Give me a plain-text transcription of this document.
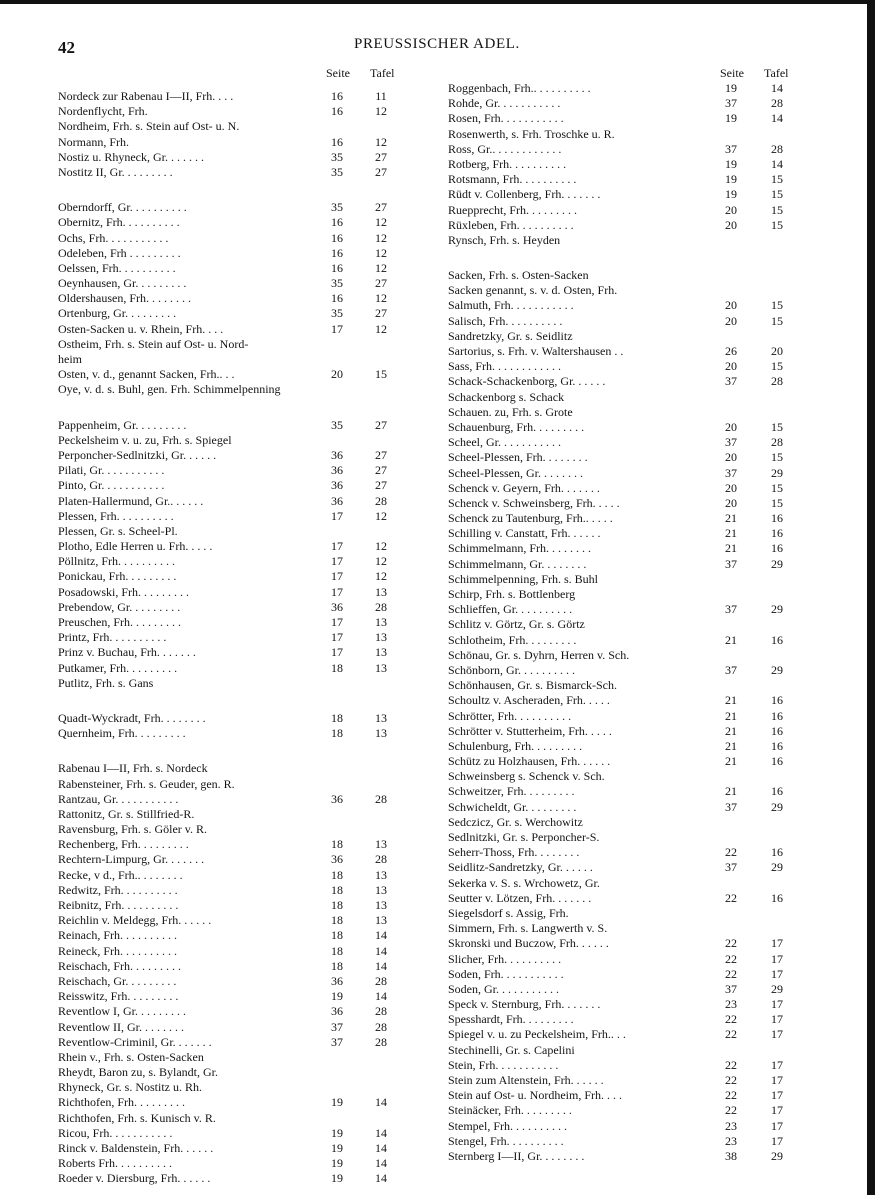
42	PREUSSISCHER ADEL.
Seite Tafel
Nordeck zur Rabenau I—II, Frh. . . .	16	11
Nordenflycht, Frh.	16	12
Nordheim, Frh. s. Stein auf Ost- u. N.
Normann, Frh.	16	12
Nostiz u. Rhyneck, Gr. . . . . . .	35	27
Nostitz II, Gr. . . . . . . . .	35	27
Oberndorff, Gr. . . . . . . . . .	35	27
Obernitz, Frh. . . . . . . . . .	16	12
Ochs, Frh. . . . . . . . . . .	16	12
Odeleben, Frh . . . . . . . . .	16	12
Oelssen, Frh. . . . . . . . . .	16	12
Oeynhausen, Gr. . . . . . . . .	35	27
Oldershausen, Frh. . . . . . . .	16	12
Ortenburg, Gr. . . . . . . . .	35	27
Osten-Sacken u. v. Rhein, Frh. . . .	17	12
Ostheim, Frh. s. Stein auf Ost- u. Nord-
heim
Osten, v. d., genannt Sacken, Frh.. . .	20	15
Oye, v. d. s. Buhl, gen. Frh. Schimmelpenning
Pappenheim, Gr. . . . . . . . .	35	27
Peckelsheim v. u. zu, Frh. s. Spiegel
Perponcher-Sedlnitzki, Gr. . . . . .	36	27
Pilati, Gr. . . . . . . . . . .	36	27
Pinto, Gr. . . . . . . . . . .	36	27
Platen-Hallermund, Gr.. . . . . .	36	28
Plessen, Frh. . . . . . . . . .	17	12
Plessen, Gr. s. Scheel-Pl.
Plotho, Edle Herren u. Frh. . . . .	17	12
Pöllnitz, Frh. . . . . . . . . .	17	12
Ponickau, Frh. . . . . . . . .	17	12
Posadowski, Frh. . . . . . . . .	17	13
Prebendow, Gr. . . . . . . . .	36	28
Preuschen, Frh. . . . . . . . .	17	13
Printz, Frh. . . . . . . . . .	17	13
Prinz v. Buchau, Frh. . . . . . .	17	13
Putkamer, Frh. . . . . . . . .	18	13
Putlitz, Frh. s. Gans
Quadt-Wyckradt, Frh. . . . . . . .	18	13
Quernheim, Frh. . . . . . . . .	18	13
Rabenau I—II, Frh. s. Nordeck
Rabensteiner, Frh. s. Geuder, gen. R.
Rantzau, Gr. . . . . . . . . . .	36	28
Rattonitz, Gr. s. Stillfried-R.
Ravensburg, Frh. s. Göler v. R.
Rechenberg, Frh. . . . . . . . .	18	13
Rechtern-Limpurg, Gr. . . . . . .	36	28
Recke, v d., Frh.. . . . . . . .	18	13
Redwitz, Frh. . . . . . . . . .	18	13
Reibnitz, Frh. . . . . . . . . .	18	13
Reichlin v. Meldegg, Frh. . . . . .	18	13
Reinach, Frh. . . . . . . . . .	18	14
Reineck, Frh. . . . . . . . . .	18	14
Reischach, Frh. . . . . . . . .	18	14
Reischach, Gr. . . . . . . . .	36	28
Reisswitz, Frh. . . . . . . . .	19	14
Reventlow I, Gr. . . . . . . . .	36	28
Reventlow II, Gr. . . . . . . .	37	28
Reventlow-Criminil, Gr. . . . . . .	37	28
Rhein v., Frh. s. Osten-Sacken
Rheydt, Baron zu, s. Bylandt, Gr.
Rhyneck, Gr. s. Nostitz u. Rh.
Richthofen, Frh. . . . . . . . .	19	14
Richthofen, Frh. s. Kunisch v. R.
Ricou, Frh. . . . . . . . . . .	19	14
Rinck v. Baldenstein, Frh. . . . . .	19	14
Roberts Frh. . . . . . . . . .	19	14
Roeder v. Diersburg, Frh. . . . . .	19	14
Seite Tafel
Roggenbach, Frh.. . . . . . . . . .	19	14
Rohde, Gr. . . . . . . . . . .	37	28
Rosen, Frh. . . . . . . . . . .	19	14
Rosenwerth, s. Frh. Troschke u. R.
Ross, Gr.. . . . . . . . . . . .	37	28
Rotberg, Frh. . . . . . . . . .	19	14
Rotsmann, Frh. . . . . . . . . .	19	15
Rüdt v. Collenberg, Frh. . . . . . .	19	15
Ruepprecht, Frh. . . . . . . . .	20	15
Rüxleben, Frh. . . . . . . . . .	20	15
Rynsch, Frh. s. Heyden
Sacken, Frh. s. Osten-Sacken
Sacken genannt, s. v. d. Osten, Frh.
Salmuth, Frh. . . . . . . . . . .	20	15
Salisch, Frh. . . . . . . . . .	20	15
Sandretzky, Gr. s. Seidlitz
Sartorius, s. Frh. v. Waltershausen . .	26	20
Sass, Frh. . . . . . . . . . . .	20	15
Schack-Schackenborg, Gr. . . . . .	37	28
Schackenborg s. Schack
Schauen. zu, Frh. s. Grote
Schauenburg, Frh. . . . . . . . .	20	15
Scheel, Gr. . . . . . . . . . .	37	28
Scheel-Plessen, Frh. . . . . . . .	20	15
Scheel-Plessen, Gr. . . . . . . .	37	29
Schenck v. Geyern, Frh. . . . . . .	20	15
Schenck v. Schweinsberg, Frh. . . . .	20	15
Schenck zu Tautenburg, Frh.. . . . .	21	16
Schilling v. Canstatt, Frh. . . . . .	21	16
Schimmelmann, Frh. . . . . . . .	21	16
Schimmelmann, Gr. . . . . . . .	37	29
Schimmelpenning, Frh. s. Buhl
Schirp, Frh. s. Bottlenberg
Schlieffen, Gr. . . . . . . . . .	37	29
Schlitz v. Görtz, Gr. s. Görtz
Schlotheim, Frh. . . . . . . . .	21	16
Schönau, Gr. s. Dyhrn, Herren v. Sch.
Schönborn, Gr. . . . . . . . . .	37	29
Schönhausen, Gr. s. Bismarck-Sch.
Schoultz v. Ascheraden, Frh. . . . .	21	16
Schrötter, Frh. . . . . . . . . .	21	16
Schrötter v. Stutterheim, Frh. . . . .	21	16
Schulenburg, Frh. . . . . . . . .	21	16
Schütz zu Holzhausen, Frh. . . . . .	21	16
Schweinsberg s. Schenck v. Sch.
Schweitzer, Frh. . . . . . . . .	21	16
Schwicheldt, Gr. . . . . . . . .	37	29
Sedczicz, Gr. s. Werchowitz
Sedlnitzki, Gr. s. Perponcher-S.
Seherr-Thoss, Frh. . . . . . . .	22	16
Seidlitz-Sandretzky, Gr. . . . . .	37	29
Sekerka v. S. s. Wrchowetz, Gr.
Seutter v. Lötzen, Frh. . . . . . .	22	16
Siegelsdorf s. Assig, Frh.
Simmern, Frh. s. Langwerth v. S.
Skronski und Buczow, Frh. . . . . .	22	17
Slicher, Frh. . . . . . . . . .	22	17
Soden, Frh. . . . . . . . . . .	22	17
Soden, Gr. . . . . . . . . . .	37	29
Speck v. Sternburg, Frh. . . . . . .	23	17
Spesshardt, Frh. . . . . . . . .	22	17
Spiegel v. u. zu Peckelsheim, Frh.. . .	22	17
Stechinelli, Gr. s. Capelini
Stein, Frh. . . . . . . . . . .	22	17
Stein zum Altenstein, Frh. . . . . .	22	17
Stein auf Ost- u. Nordheim, Frh. . . .	22	17
Steinäcker, Frh. . . . . . . . .	22	17
Stempel, Frh. . . . . . . . . .	23	17
Stengel, Frh. . . . . . . . . .	23	17
Sternberg I—II, Gr. . . . . . . .	38	29
